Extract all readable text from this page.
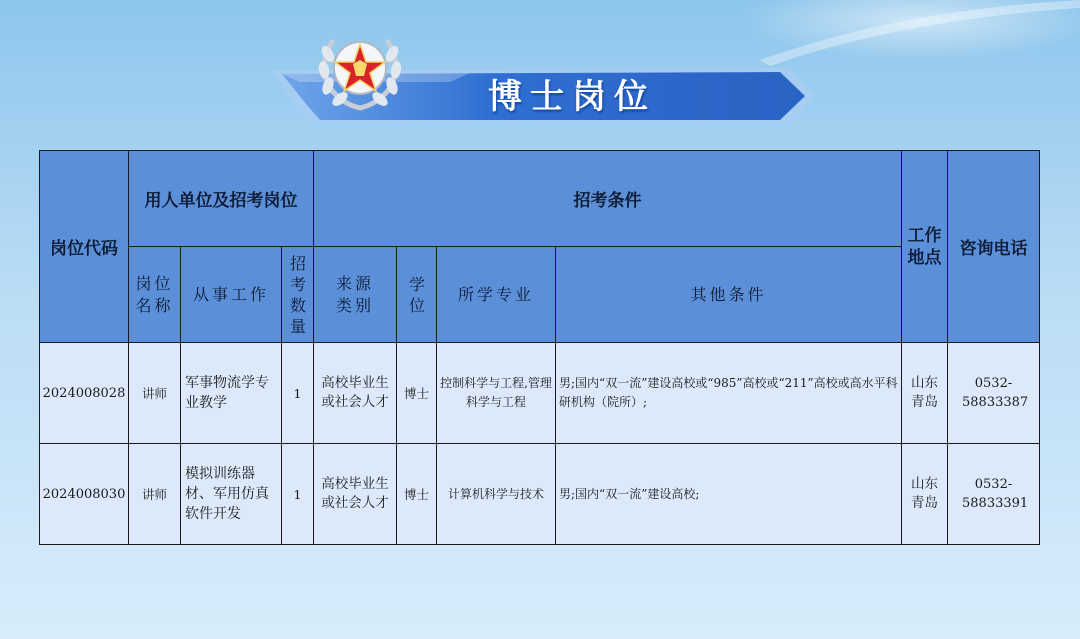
博士岗位
岗位代码	用人单位及招考岗位			招考条件				工作地点	咨询电话
	岗位名称	从事工作	招考数量	来源类别	学位	所学专业	其他条件		
2024008028	讲师	军事物流学专业教学	1	高校毕业生或社会人才	博士	控制科学与工程,管理科学与工程	男;国内“双一流”建设高校或“985”高校或“211”高校或高水平科研机构（院所）;	山东青岛	0532-58833387
2024008030	讲师	模拟训练器材、军用仿真软件开发	1	高校毕业生或社会人才	博士	计算机科学与技术	男;国内“双一流”建设高校;	山东青岛	0532-58833391
